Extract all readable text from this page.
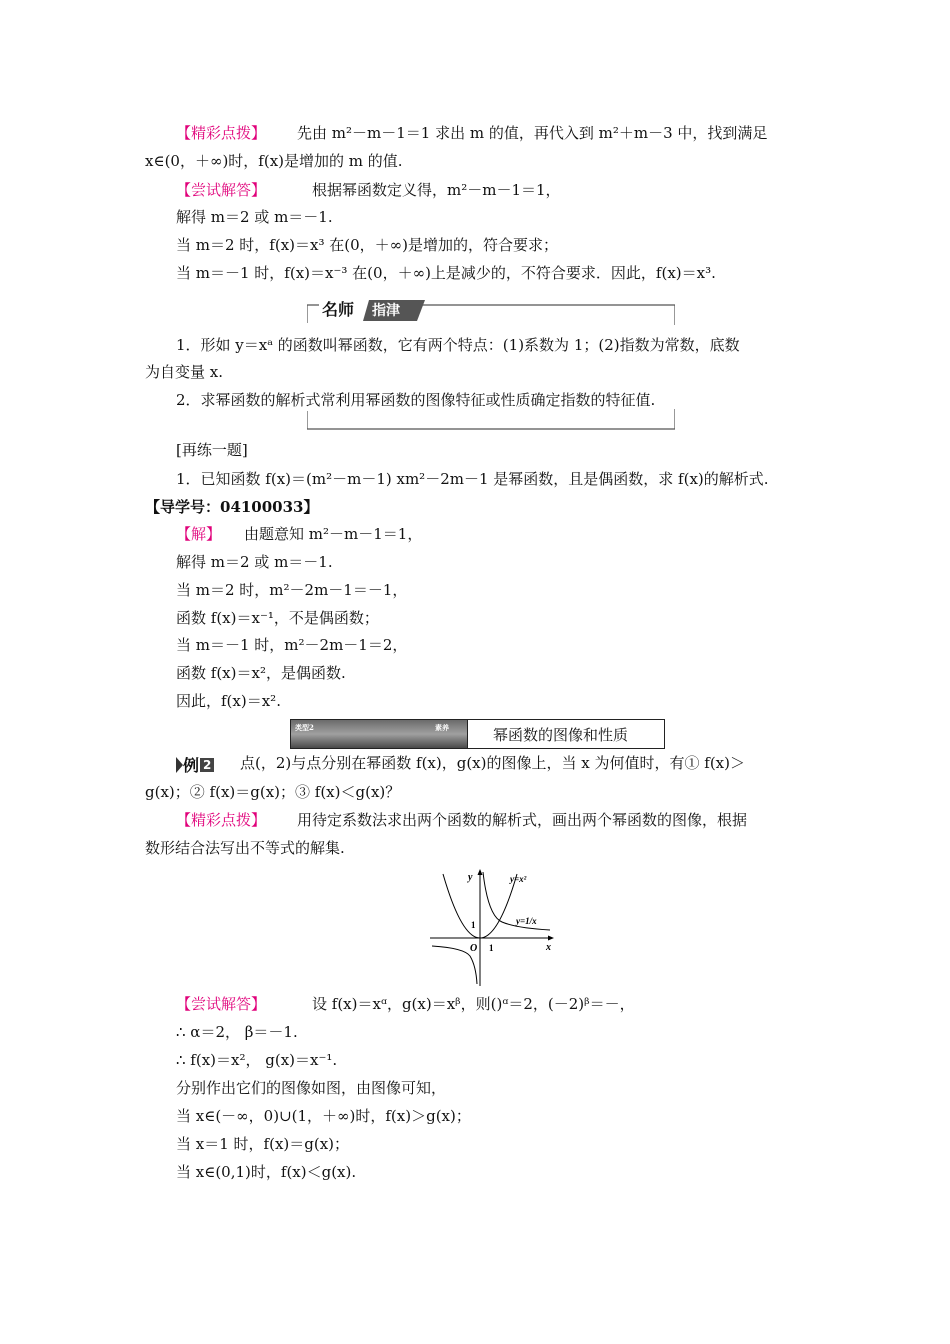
【精彩点拨】 先由 m²－m－1＝1 求出 m 的值，再代入到 m²＋m－3 中，找到满足
x∈(0，＋∞)时，f(x)是增加的 m 的值.
【尝试解答】	根据幂函数定义得，m²－m－1＝1，
解得 m＝2 或 m＝－1.
当 m＝2 时，f(x)＝x³ 在(0，＋∞)是增加的，符合要求；
当 m＝－1 时，f(x)＝x⁻³ 在(0，＋∞)上是减少的，不符合要求．因此，f(x)＝x³.
名师 指津
1．形如 y＝xᵃ 的函数叫幂函数，它有两个特点：(1)系数为 1；(2)指数为常数，底数
为自变量 x.
2．求幂函数的解析式常利用幂函数的图像特征或性质确定指数的特征值.
[再练一题]
1．已知函数 f(x)＝(m²－m－1) xm²－2m－1 是幂函数，且是偶函数，求 f(x)的解析式.
【导学号：04100033】
【解】 由题意知 m²－m－1＝1，
解得 m＝2 或 m＝－1.
当 m＝2 时，m²－2m－1＝－1，
函数 f(x)＝x⁻¹，不是偶函数；
当 m＝－1 时，m²－2m－1＝2，
函数 f(x)＝x²，是偶函数.
因此，f(x)＝x².
类型2	素养	幂函数的图像和性质
例 2 点(，2)与点分别在幂函数 f(x)，g(x)的图像上，当 x 为何值时，有① f(x)＞
g(x)；② f(x)＝g(x)；③ f(x)＜g(x)？
【精彩点拨】 用待定系数法求出两个函数的解析式，画出两个幂函数的图像，根据
数形结合法写出不等式的解集.
y
x
O 1
1
y=x²
y=1/x
【尝试解答】	设 f(x)＝xᵅ，g(x)＝xᵝ，则()ᵅ＝2，(－2)ᵝ＝－，
∴ α＝2， β＝－1.
∴ f(x)＝x²， g(x)＝x⁻¹.
分别作出它们的图像如图，由图像可知，
当 x∈(－∞，0)∪(1，＋∞)时，f(x)＞g(x)；
当 x＝1 时，f(x)＝g(x)；
当 x∈(0,1)时，f(x)＜g(x).
